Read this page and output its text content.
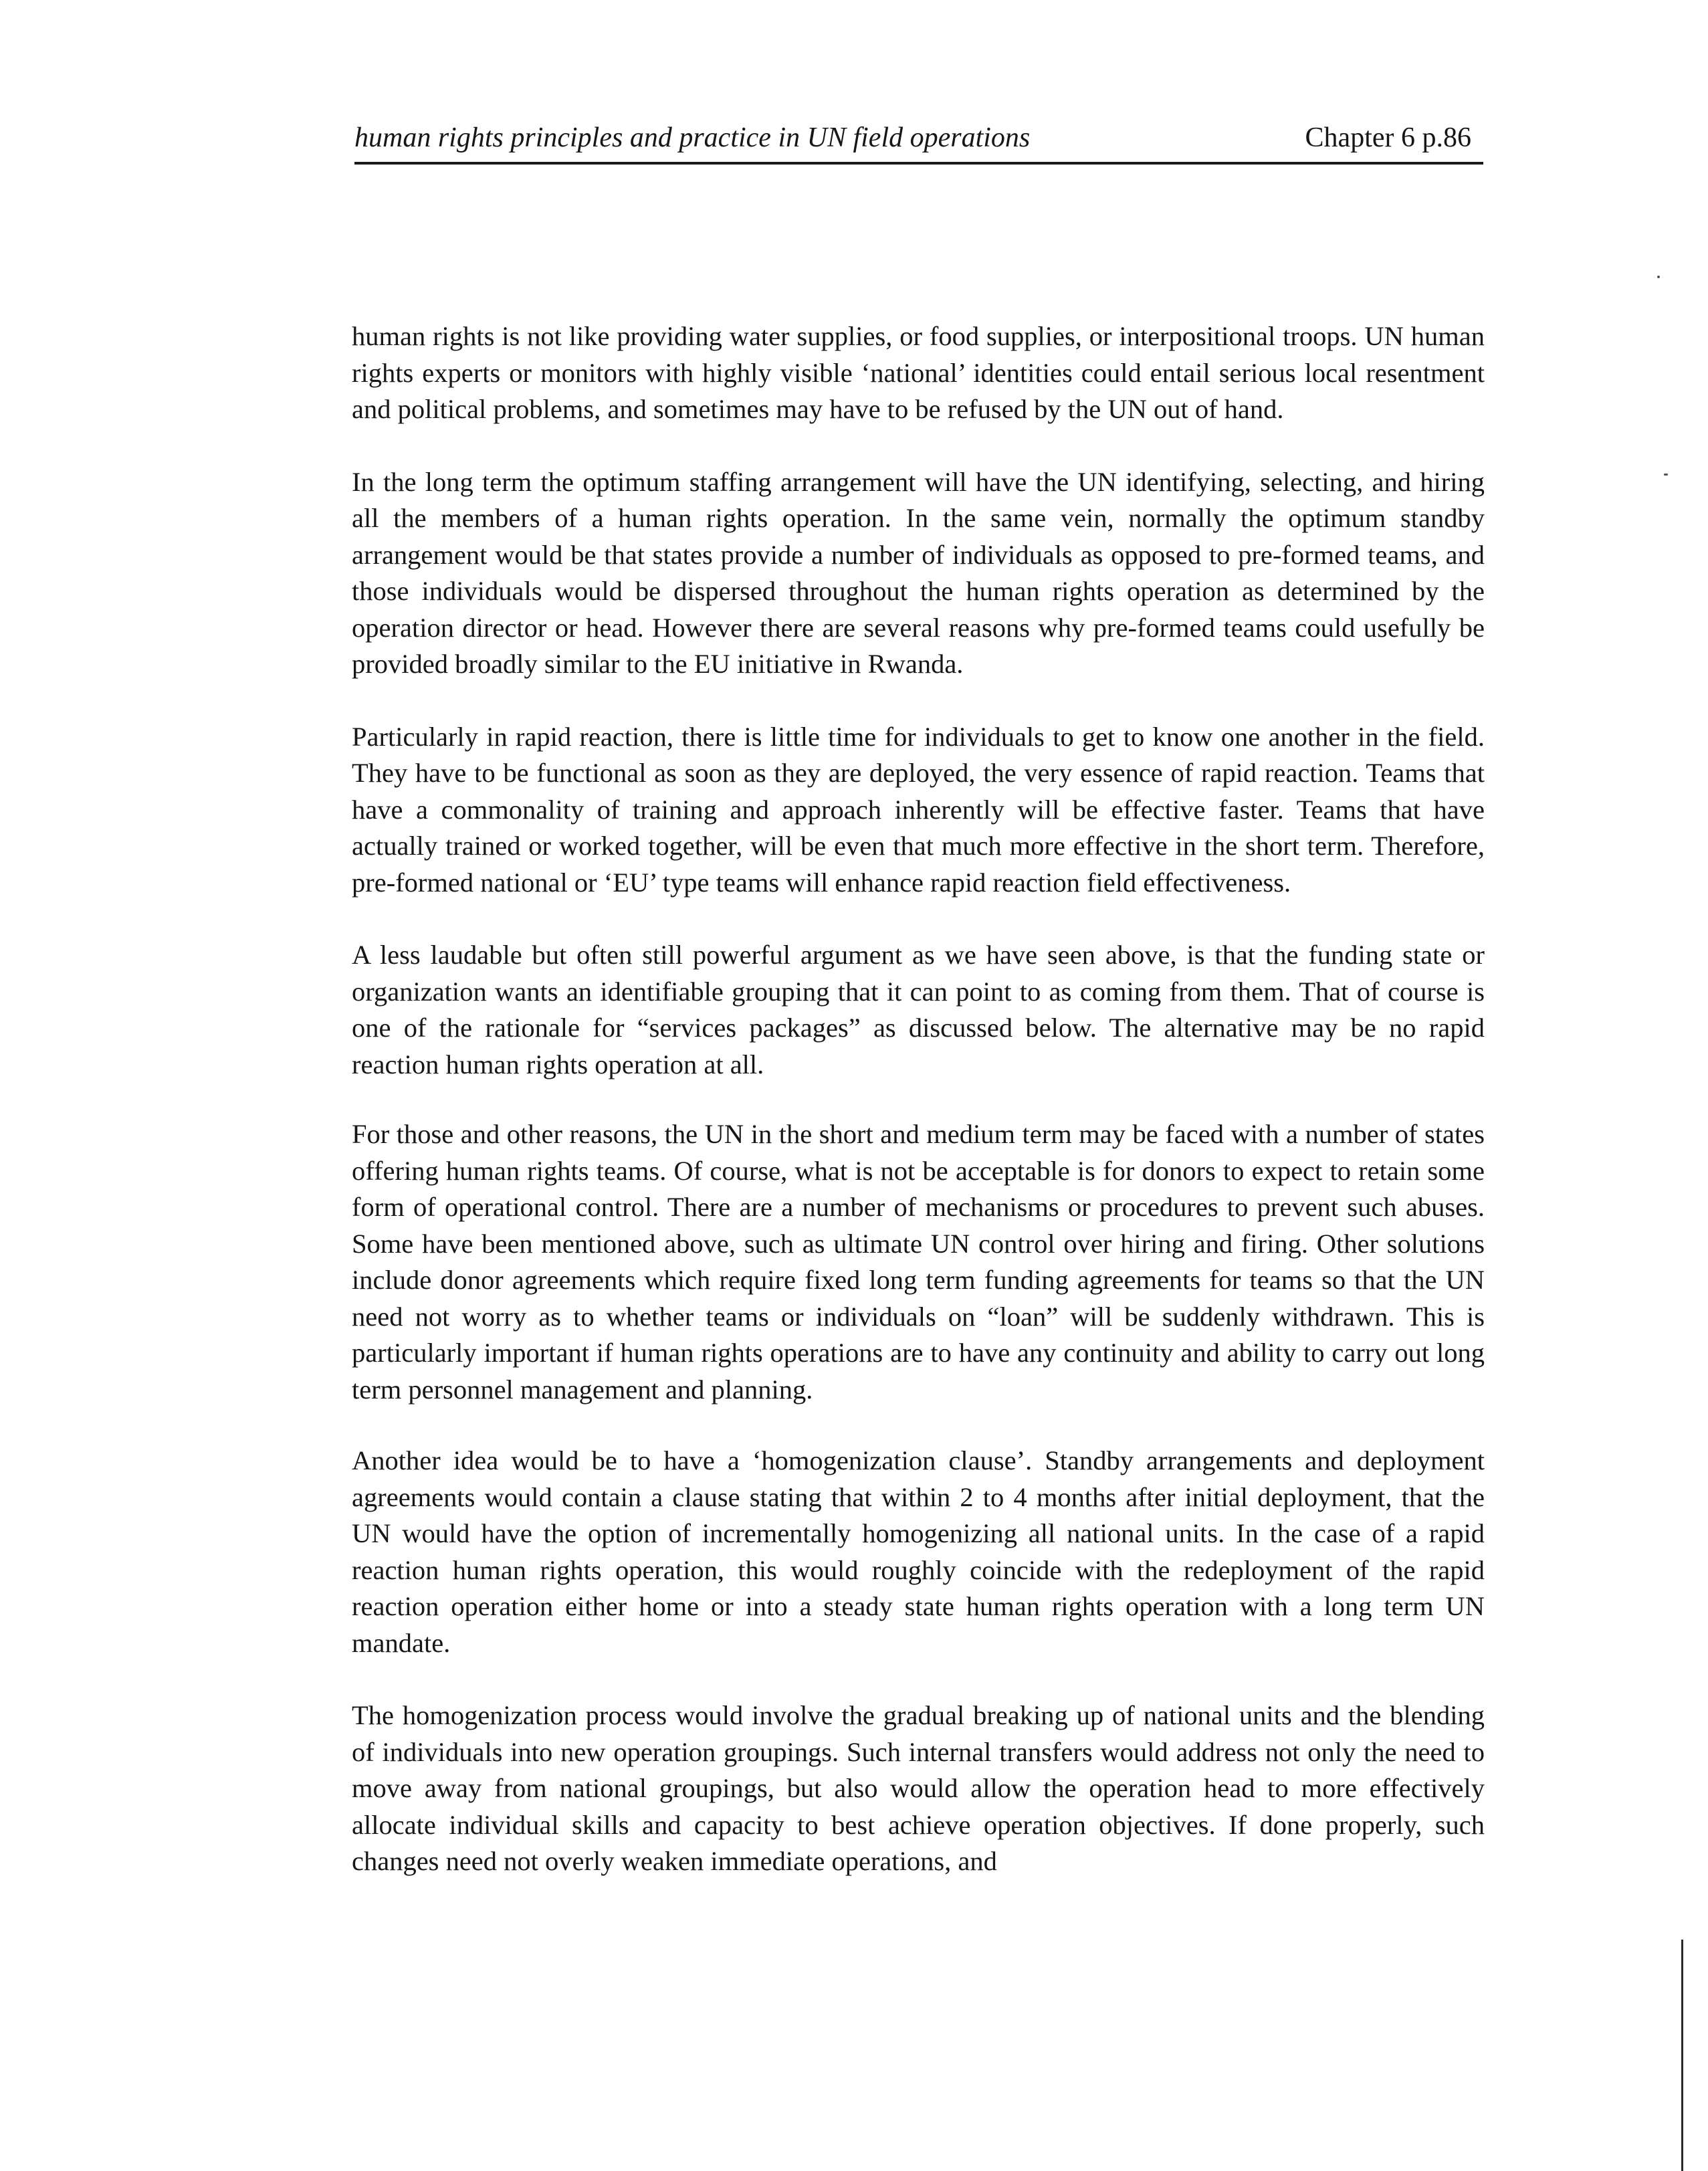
human rights principles and practice in UN field operations	Chapter 6 p.86

human rights is not like providing water supplies, or food supplies, or interpositional troops. UN human rights experts or monitors with highly visible ‘national’ identities could entail serious local resentment and political problems, and sometimes may have to be refused by the UN out of hand.

In the long term the optimum staffing arrangement will have the UN identifying, selecting, and hiring all the members of a human rights operation. In the same vein, normally the optimum standby arrangement would be that states provide a number of individuals as opposed to pre-formed teams, and those individuals would be dispersed throughout the human rights operation as determined by the operation director or head. However there are several reasons why pre-formed teams could usefully be provided broadly similar to the EU initiative in Rwanda.

Particularly in rapid reaction, there is little time for individuals to get to know one another in the field. They have to be functional as soon as they are deployed, the very essence of rapid reaction. Teams that have a commonality of training and approach inherently will be effective faster. Teams that have actually trained or worked together, will be even that much more effective in the short term. Therefore, pre-formed national or ‘EU’ type teams will enhance rapid reaction field effectiveness.

A less laudable but often still powerful argument as we have seen above, is that the funding state or organization wants an identifiable grouping that it can point to as coming from them. That of course is one of the rationale for “services packages” as discussed below. The alternative may be no rapid reaction human rights operation at all.

For those and other reasons, the UN in the short and medium term may be faced with a number of states offering human rights teams. Of course, what is not be acceptable is for donors to expect to retain some form of operational control. There are a number of mechanisms or procedures to prevent such abuses. Some have been mentioned above, such as ultimate UN control over hiring and firing. Other solutions include donor agreements which require fixed long term funding agreements for teams so that the UN need not worry as to whether teams or individuals on “loan” will be suddenly withdrawn. This is particularly important if human rights operations are to have any continuity and ability to carry out long term personnel management and planning.

Another idea would be to have a ‘homogenization clause’. Standby arrangements and deployment agreements would contain a clause stating that within 2 to 4 months after initial deployment, that the UN would have the option of incrementally homogenizing all national units. In the case of a rapid reaction human rights operation, this would roughly coincide with the redeployment of the rapid reaction operation either home or into a steady state human rights operation with a long term UN mandate.

The homogenization process would involve the gradual breaking up of national units and the blending of individuals into new operation groupings. Such internal transfers would address not only the need to move away from national groupings, but also would allow the operation head to more effectively allocate individual skills and capacity to best achieve operation objectives. If done properly, such changes need not overly weaken immediate operations, and
